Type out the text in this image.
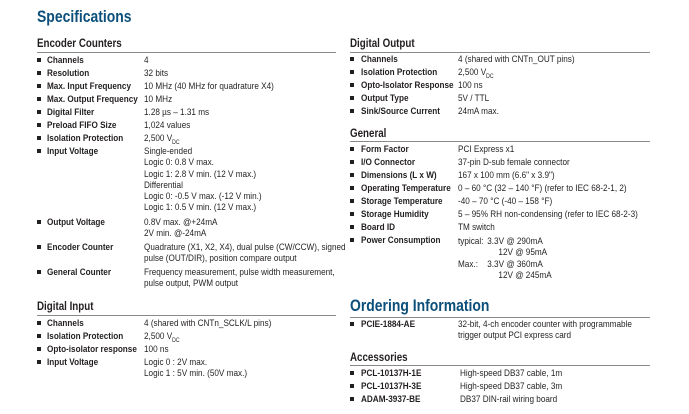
Specifications
Encoder Counters
Channels	4
Resolution	32 bits
Max. Input Frequency 10 MHz (40 MHz for quadrature X4)
Max. Output Frequency 10 MHz
Digital Filter	1.28 µs – 1.31 ms
Preload FIFO Size	1,024 values
Isolation Protection 2,500 $V_{DC}$
Input Voltage	Single-ended
Logic 0: 0.8 V max.
Logic 1: 2.8 V min. (12 V max.)
Differential
Logic 0: -0.5 V max. (-12 V min.)
Logic 1: 0.5 V min. (12 V max.)
Output Voltage	0.8V max. @+24mA
2V min. @-24mA
Encoder Counter	Quadrature (X1, X2, X4), dual pulse (CW/CCW), signed
pulse (OUT/DIR), position compare output
General Counter	Frequency measurement, pulse width measurement,
pulse output, PWM output
Digital Input
Channels	4 (shared with CNTn_SCLK/L pins)
Isolation Protection 2,500 $V_{DC}$
Opto-isolator response 100 ns
Input Voltage	Logic 0 : 2V max.
Logic 1 : 5V min. (50V max.)
Digital Output
Channels	4 (shared with CNTn_OUT pins)
Isolation Protection 2,500 $V_{DC}$
Opto-Isolator Response 100 ns
Output Type	5V / TTL
Sink/Source Current 24mA max.
General
Form Factor	PCI Express x1
I/O Connector	37-pin D-sub female connector
Dimensions (L x W) 167 x 100 mm (6.6" x 3.9")
Operating Temperature 0 – 60 °C (32 – 140 °F) (refer to IEC 68-2-1, 2)
Storage Temperature -40 – 70 °C (-40 – 158 °F)
Storage Humidity	5 – 95% RH non-condensing (refer to IEC 68-2-3)
Board ID	TM switch
Power Consumption typical: 3.3V @ 290mA
12V @ 95mA
Max.: 3.3V @ 360mA
12V @ 245mA
Ordering Information
PCIE-1884-AE	32-bit, 4-ch encoder counter with programmable
trigger output PCI express card
Accessories
PCL-10137H-1E	High-speed DB37 cable, 1m
PCL-10137H-3E	High-speed DB37 cable, 3m
ADAM-3937-BE	DB37 DIN-rail wiring board
